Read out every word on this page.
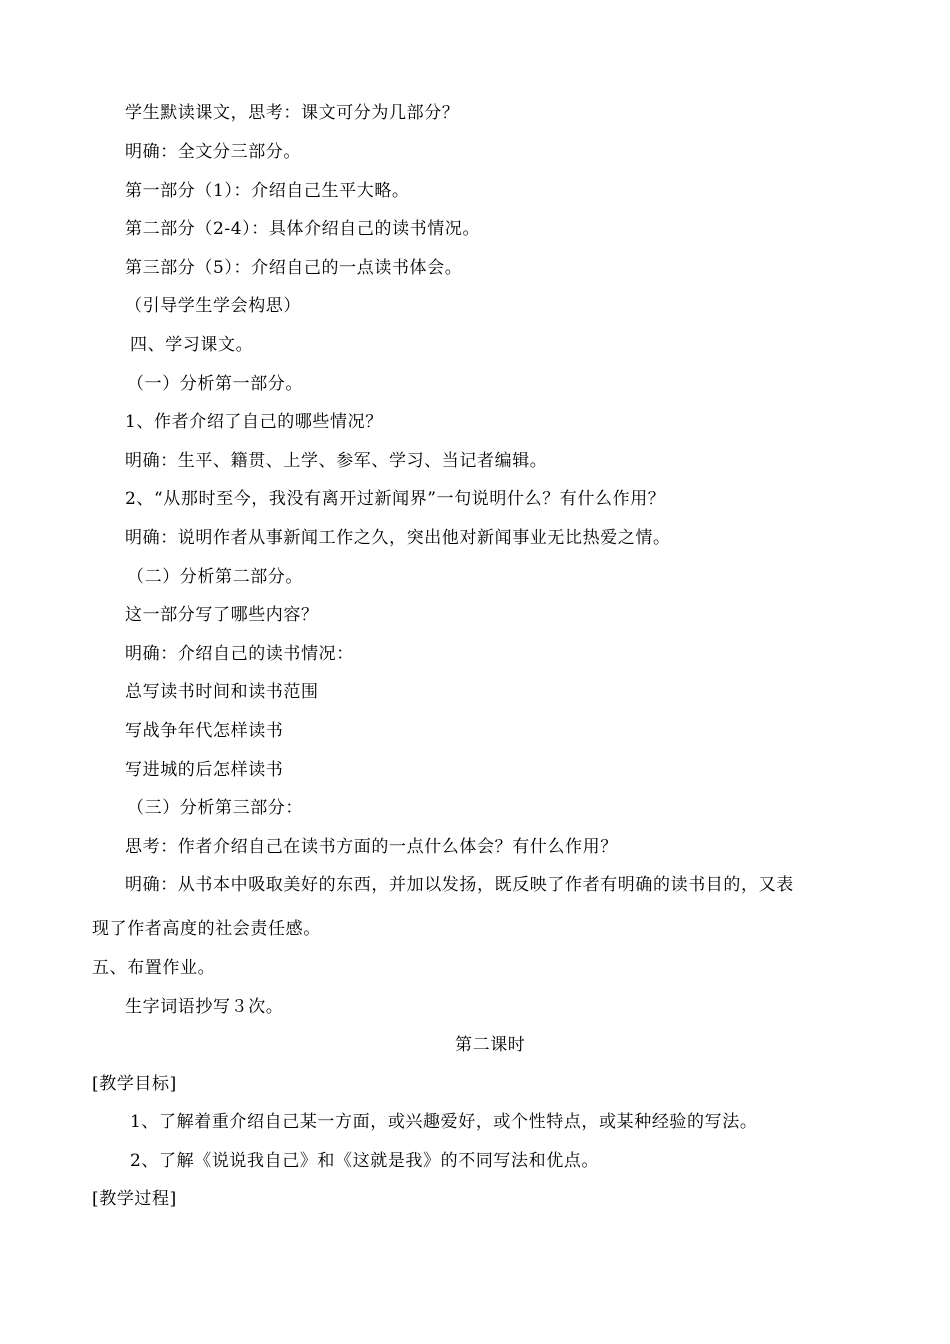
学生默读课文，思考：课文可分为几部分？
明确：全文分三部分。
第一部分（1）：介绍自己生平大略。
第二部分（2-4）：具体介绍自己的读书情况。
第三部分（5）：介绍自己的一点读书体会。
（引导学生学会构思）
四、学习课文。
（一）分析第一部分。
1、作者介绍了自己的哪些情况？
明确：生平、籍贯、上学、参军、学习、当记者编辑。
2、“从那时至今，我没有离开过新闻界”一句说明什么？有什么作用？
明确：说明作者从事新闻工作之久，突出他对新闻事业无比热爱之情。
（二）分析第二部分。
这一部分写了哪些内容？
明确：介绍自己的读书情况：
总写读书时间和读书范围
写战争年代怎样读书
写进城的后怎样读书
（三）分析第三部分：
思考：作者介绍自己在读书方面的一点什么体会？有什么作用？
明确：从书本中吸取美好的东西，并加以发扬，既反映了作者有明确的读书目的，又表
现了作者高度的社会责任感。
五、布置作业。
生字词语抄写３次。
第二课时
[教学目标]
1、了解着重介绍自己某一方面，或兴趣爱好，或个性特点，或某种经验的写法。
2、了解《说说我自己》和《这就是我》的不同写法和优点。
[教学过程]
